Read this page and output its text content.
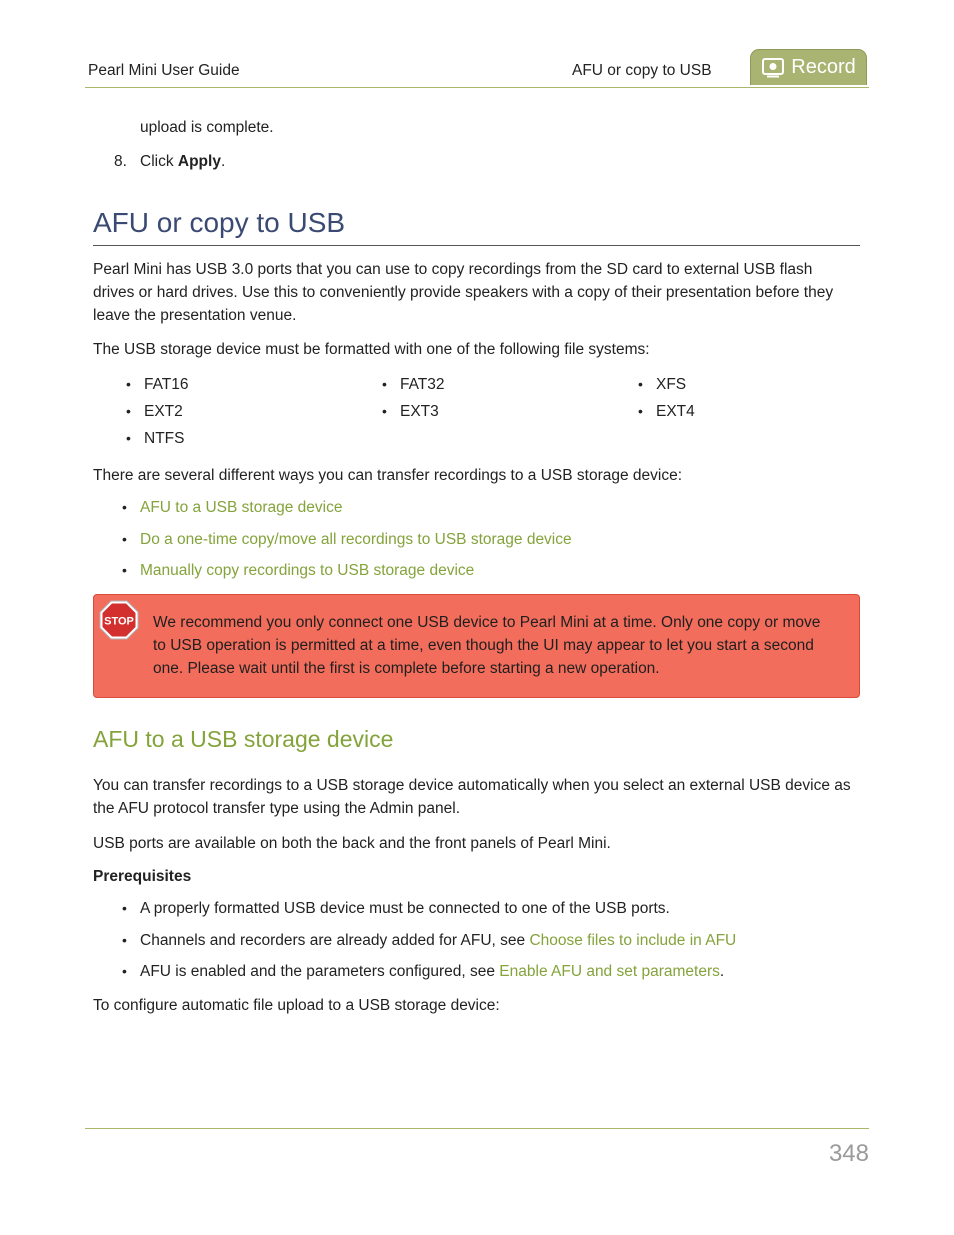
Pearl Mini User Guide	AFU or copy to USB	Record
upload is complete.
8. Click Apply.
AFU or copy to USB
Pearl Mini has USB 3.0 ports that you can use to copy recordings from the SD card to external USB flash
drives or hard drives. Use this to conveniently provide speakers with a copy of their presentation before they
leave the presentation venue.
The USB storage device must be formatted with one of the following file systems:
• FAT16	• FAT32	• XFS
• EXT2	• EXT3	• EXT4
• NTFS
There are several different ways you can transfer recordings to a USB storage device:
• AFU to a USB storage device
• Do a one-time copy/move all recordings to USB storage device
• Manually copy recordings to USB storage device
STOP We recommend you only connect one USB device to Pearl Mini at a time. Only one copy or move
to USB operation is permitted at a time, even though the UI may appear to let you start a second
one. Please wait until the first is complete before starting a new operation.
AFU to a USB storage device
You can transfer recordings to a USB storage device automatically when you select an external USB device as
the AFU protocol transfer type using the Admin panel.
USB ports are available on both the back and the front panels of Pearl Mini.
Prerequisites
• A properly formatted USB device must be connected to one of the USB ports.
• Channels and recorders are already added for AFU, see Choose files to include in AFU
• AFU is enabled and the parameters configured, see Enable AFU and set parameters.
To configure automatic file upload to a USB storage device:
348
